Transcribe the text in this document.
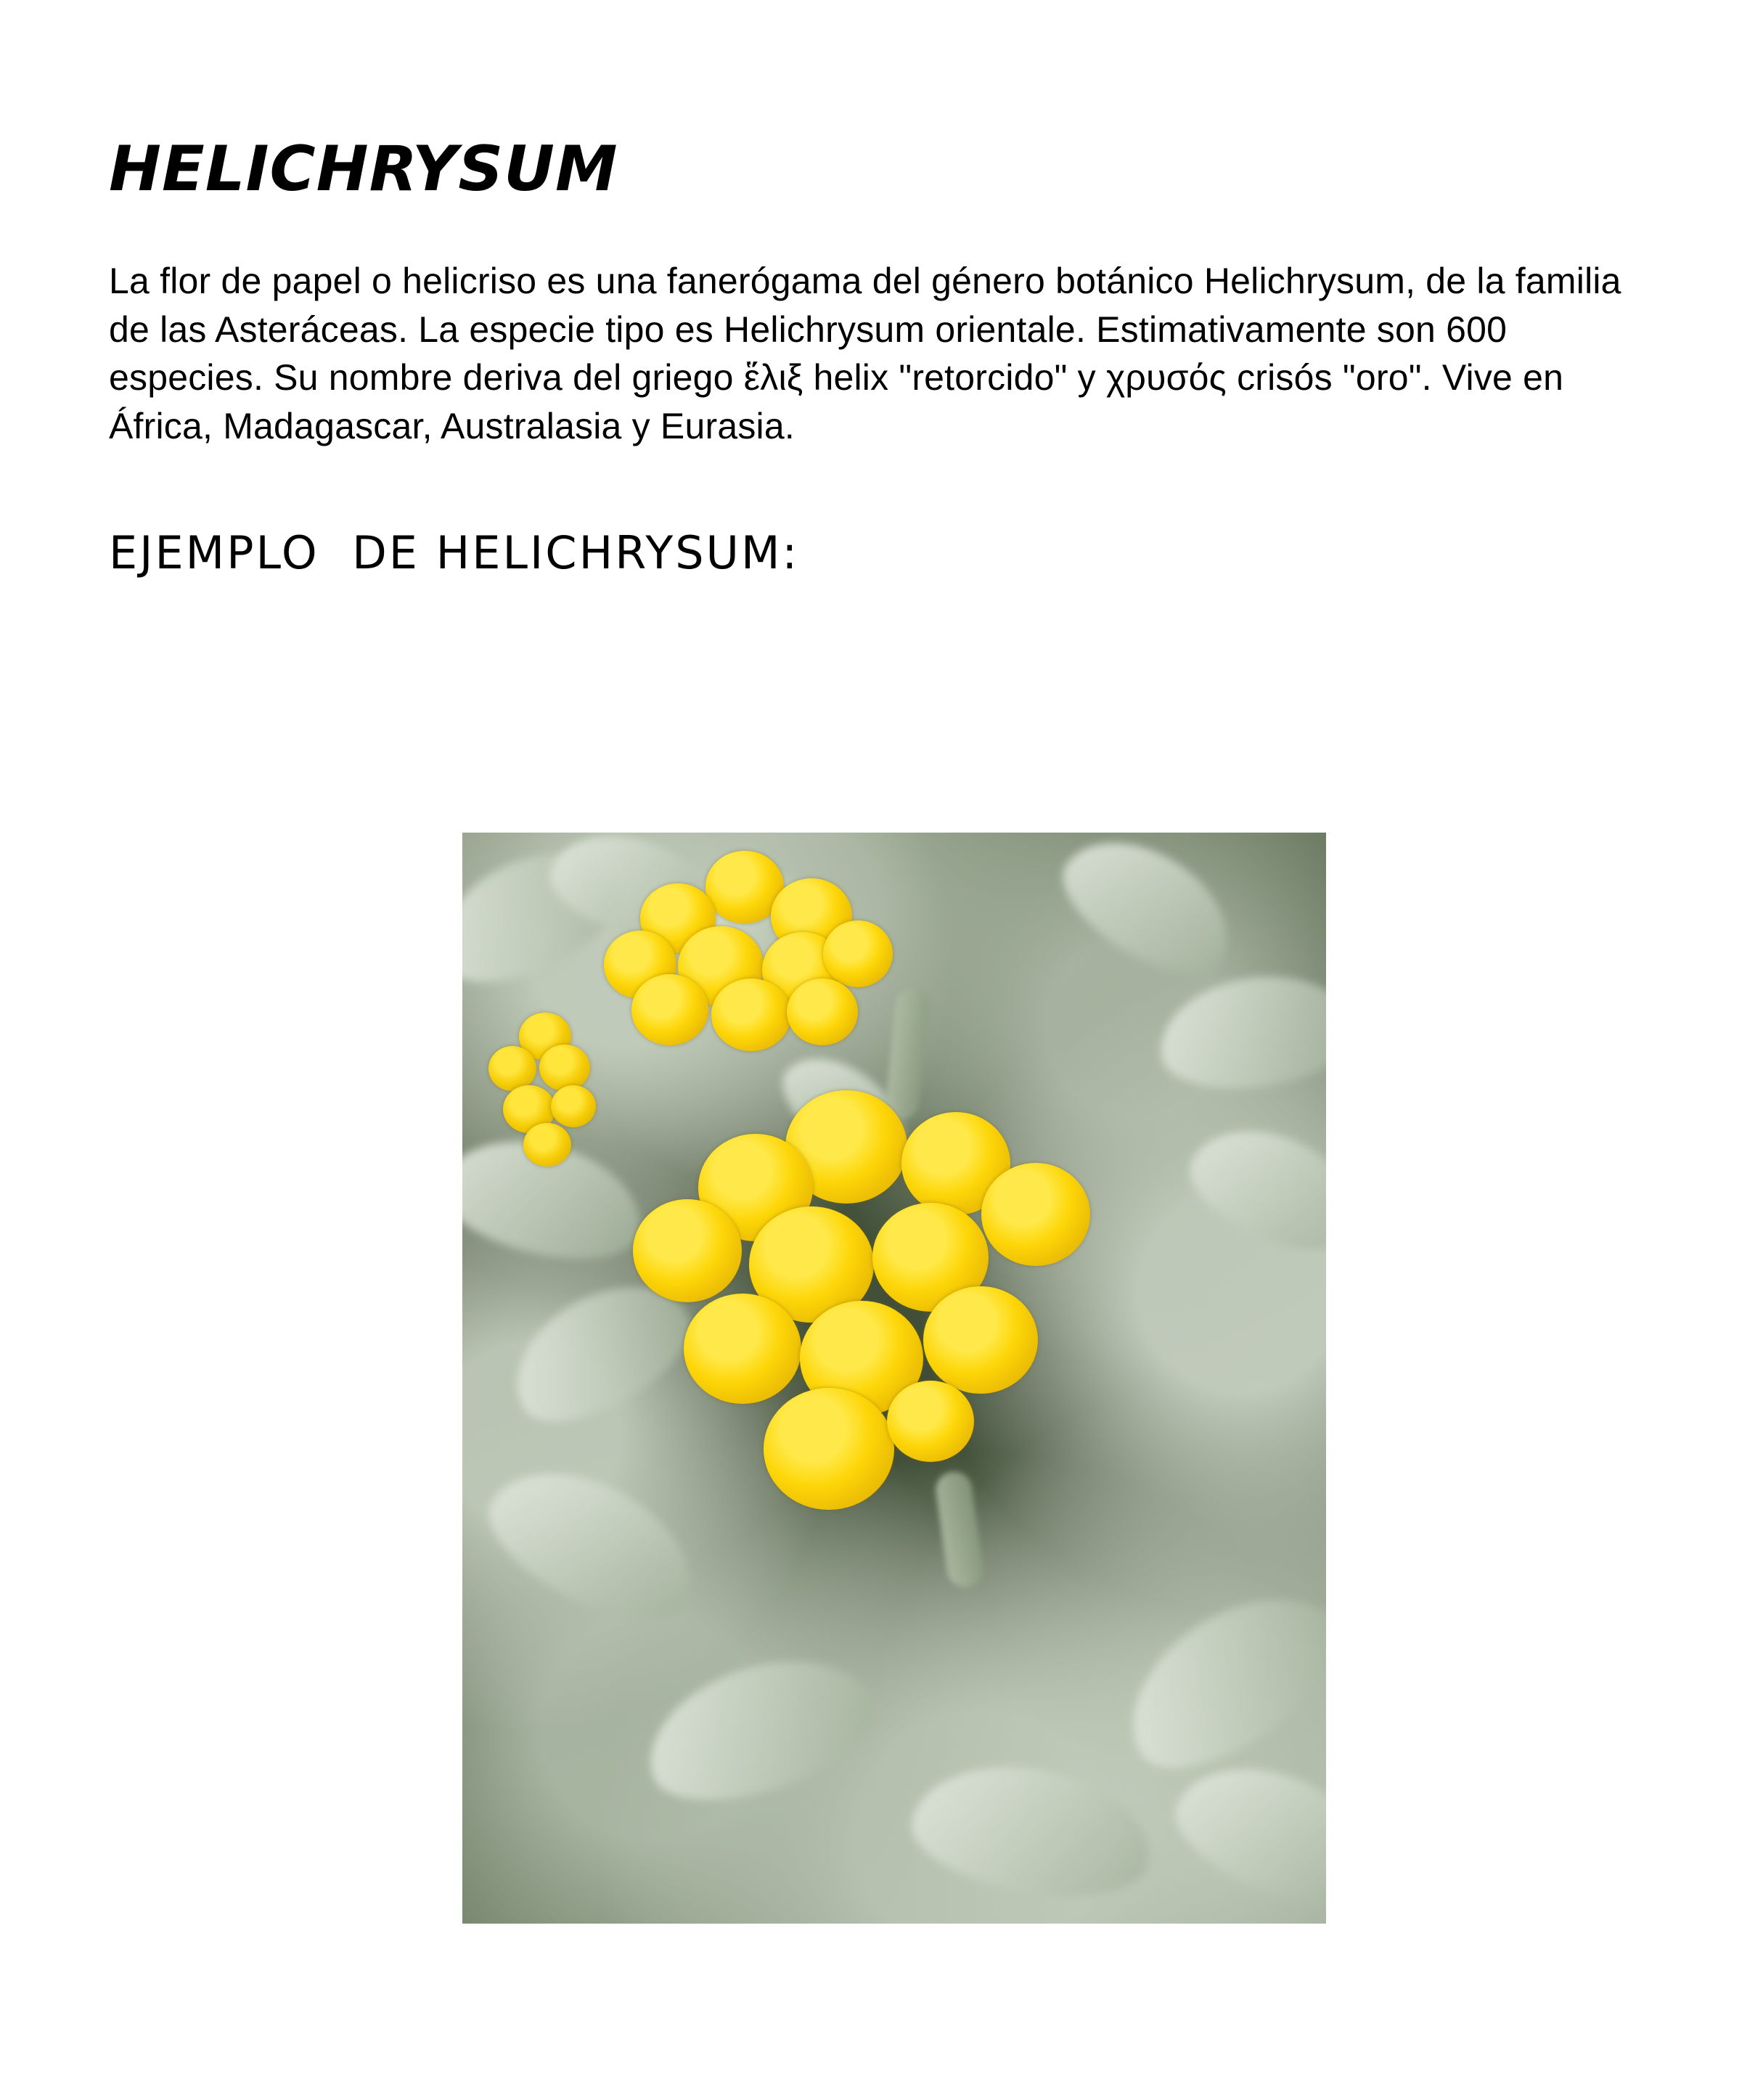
HELICHRYSUM

La flor de papel o helicriso es una fanerógama del género botánico Helichrysum, de la familia de las Asteráceas. La especie tipo es Helichrysum orientale. Estimativamente son 600 especies. Su nombre deriva del griego ἕλιξ helix "retorcido" y χρυσός crisós "oro". Vive en África, Madagascar, Australasia y Eurasia.

EJEMPLO  DE HELICHRYSUM:
